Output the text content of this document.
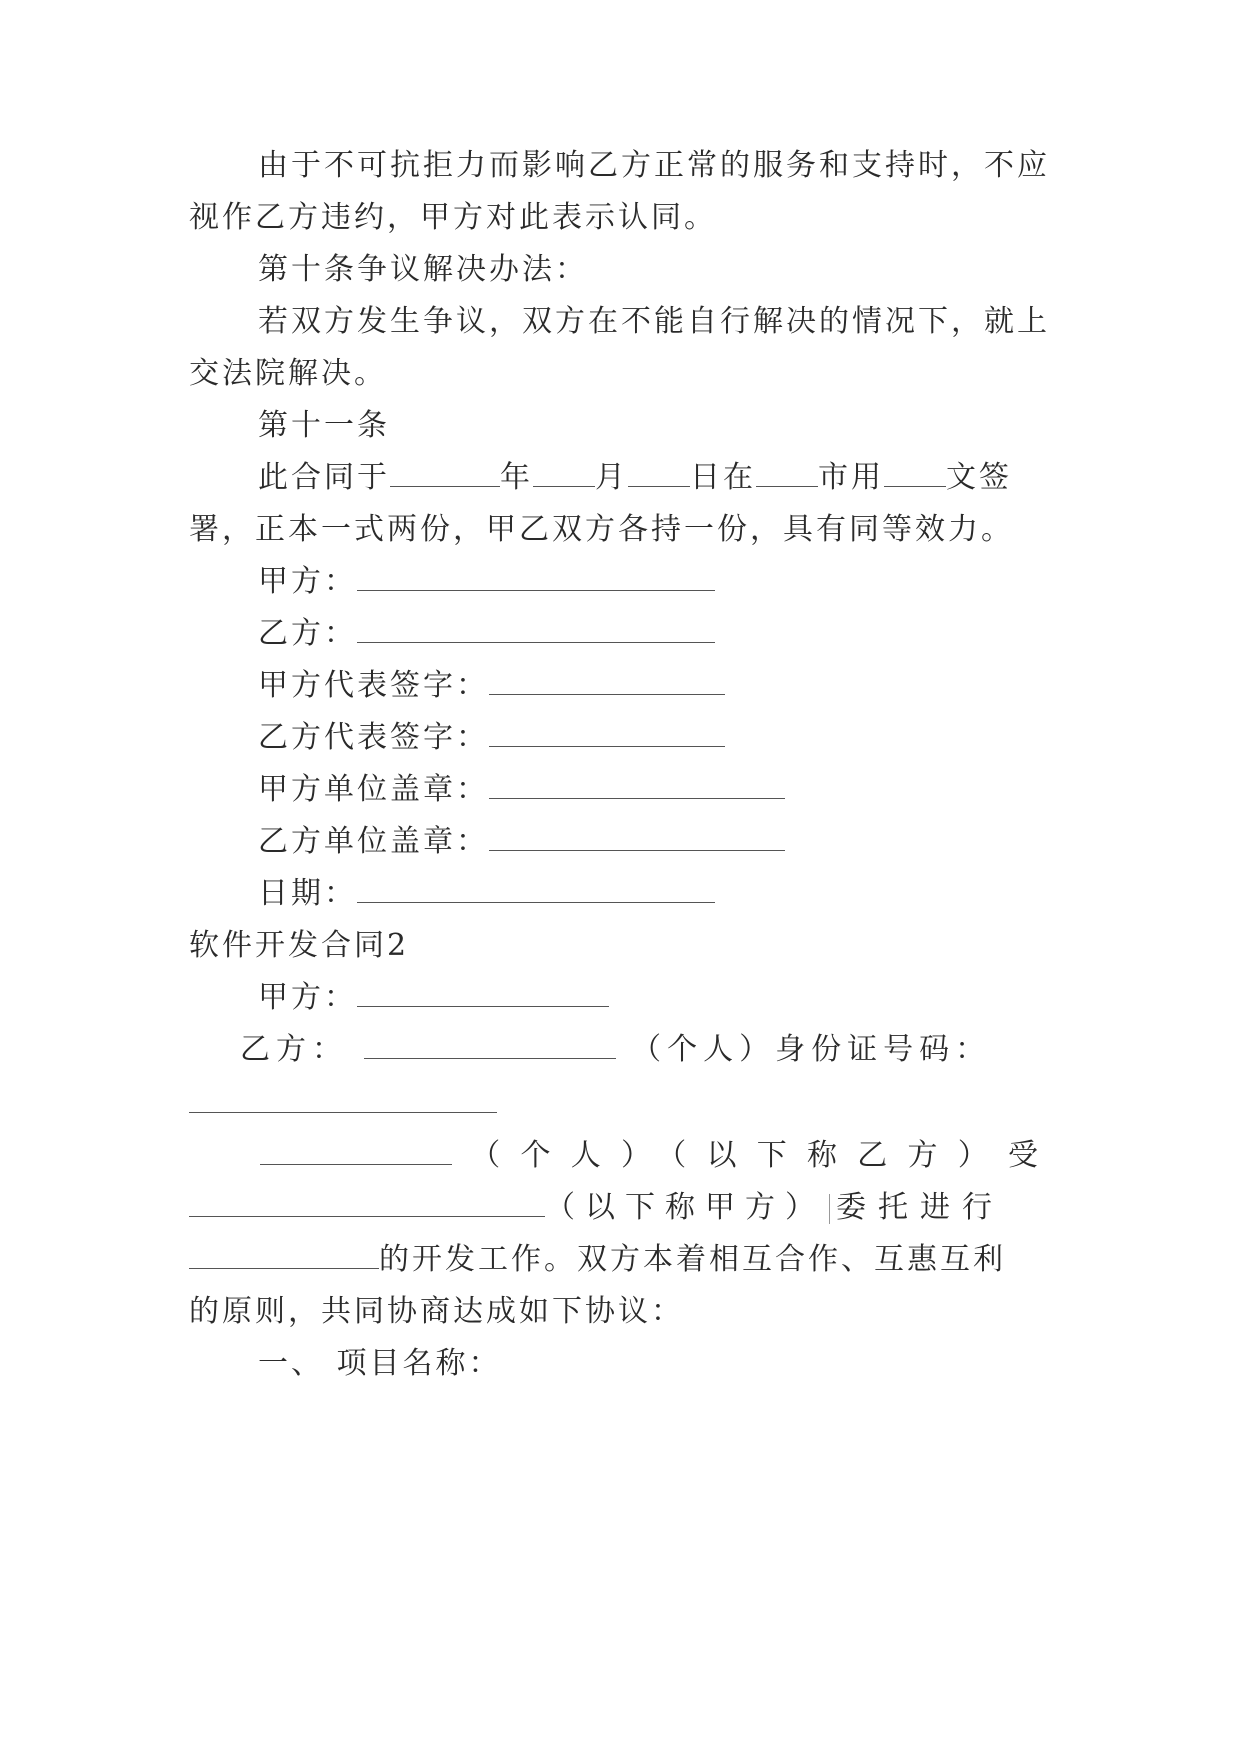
由于不可抗拒力而影响乙方正常的服务和支持时，不应
视作乙方违约，甲方对此表示认同。
第十条争议解决办法：
若双方发生争议，双方在不能自行解决的情况下，就上
交法院解决。
第十一条
此合同于	年 月 日在 市用 文签
署，正本一式两份，甲乙双方各持一份，具有同等效力。
甲方：
乙方：
甲方代表签字：
乙方代表签字：
甲方单位盖章：
乙方单位盖章：
日期：
软件开发合同2
甲方：
乙方：	（个人）身份证号码：
（个人）（以下称乙方）受
（以下称甲方） 委托进行
的开发工作。双方本着相互合作、互惠互利
的原则，共同协商达成如下协议：
一、 项目名称：
